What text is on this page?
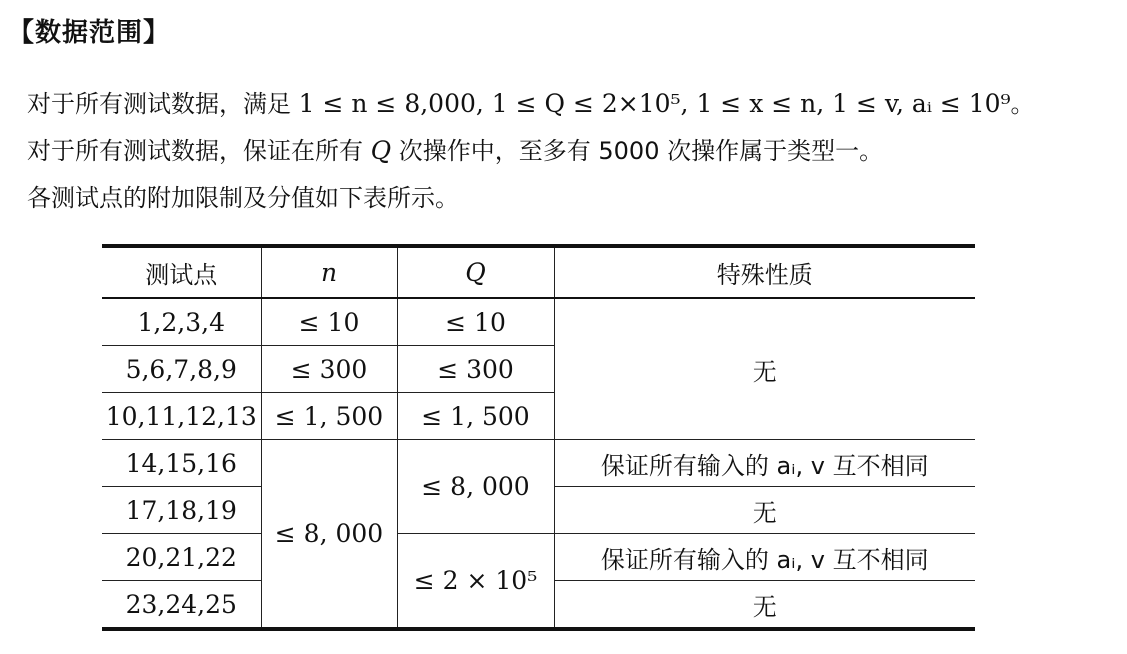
【数据范围】
对于所有测试数据，满足 1 ≤ n ≤ 8,000, 1 ≤ Q ≤ 2×10⁵, 1 ≤ x ≤ n, 1 ≤ v, aᵢ ≤ 10⁹。
对于所有测试数据，保证在所有 Q 次操作中，至多有 5000 次操作属于类型一。
各测试点的附加限制及分值如下表所示。
测试点	n	Q	特殊性质
1,2,3,4	≤ 10	≤ 10	无
5,6,7,8,9	≤ 300	≤ 300	
10,11,12,13	≤ 1, 500	≤ 1, 500	
14,15,16	≤ 8, 000	≤ 8, 000	保证所有输入的 aᵢ, v 互不相同
17,18,19			无
20,21,22		≤ 2 × 10⁵	保证所有输入的 aᵢ, v 互不相同
23,24,25			无
